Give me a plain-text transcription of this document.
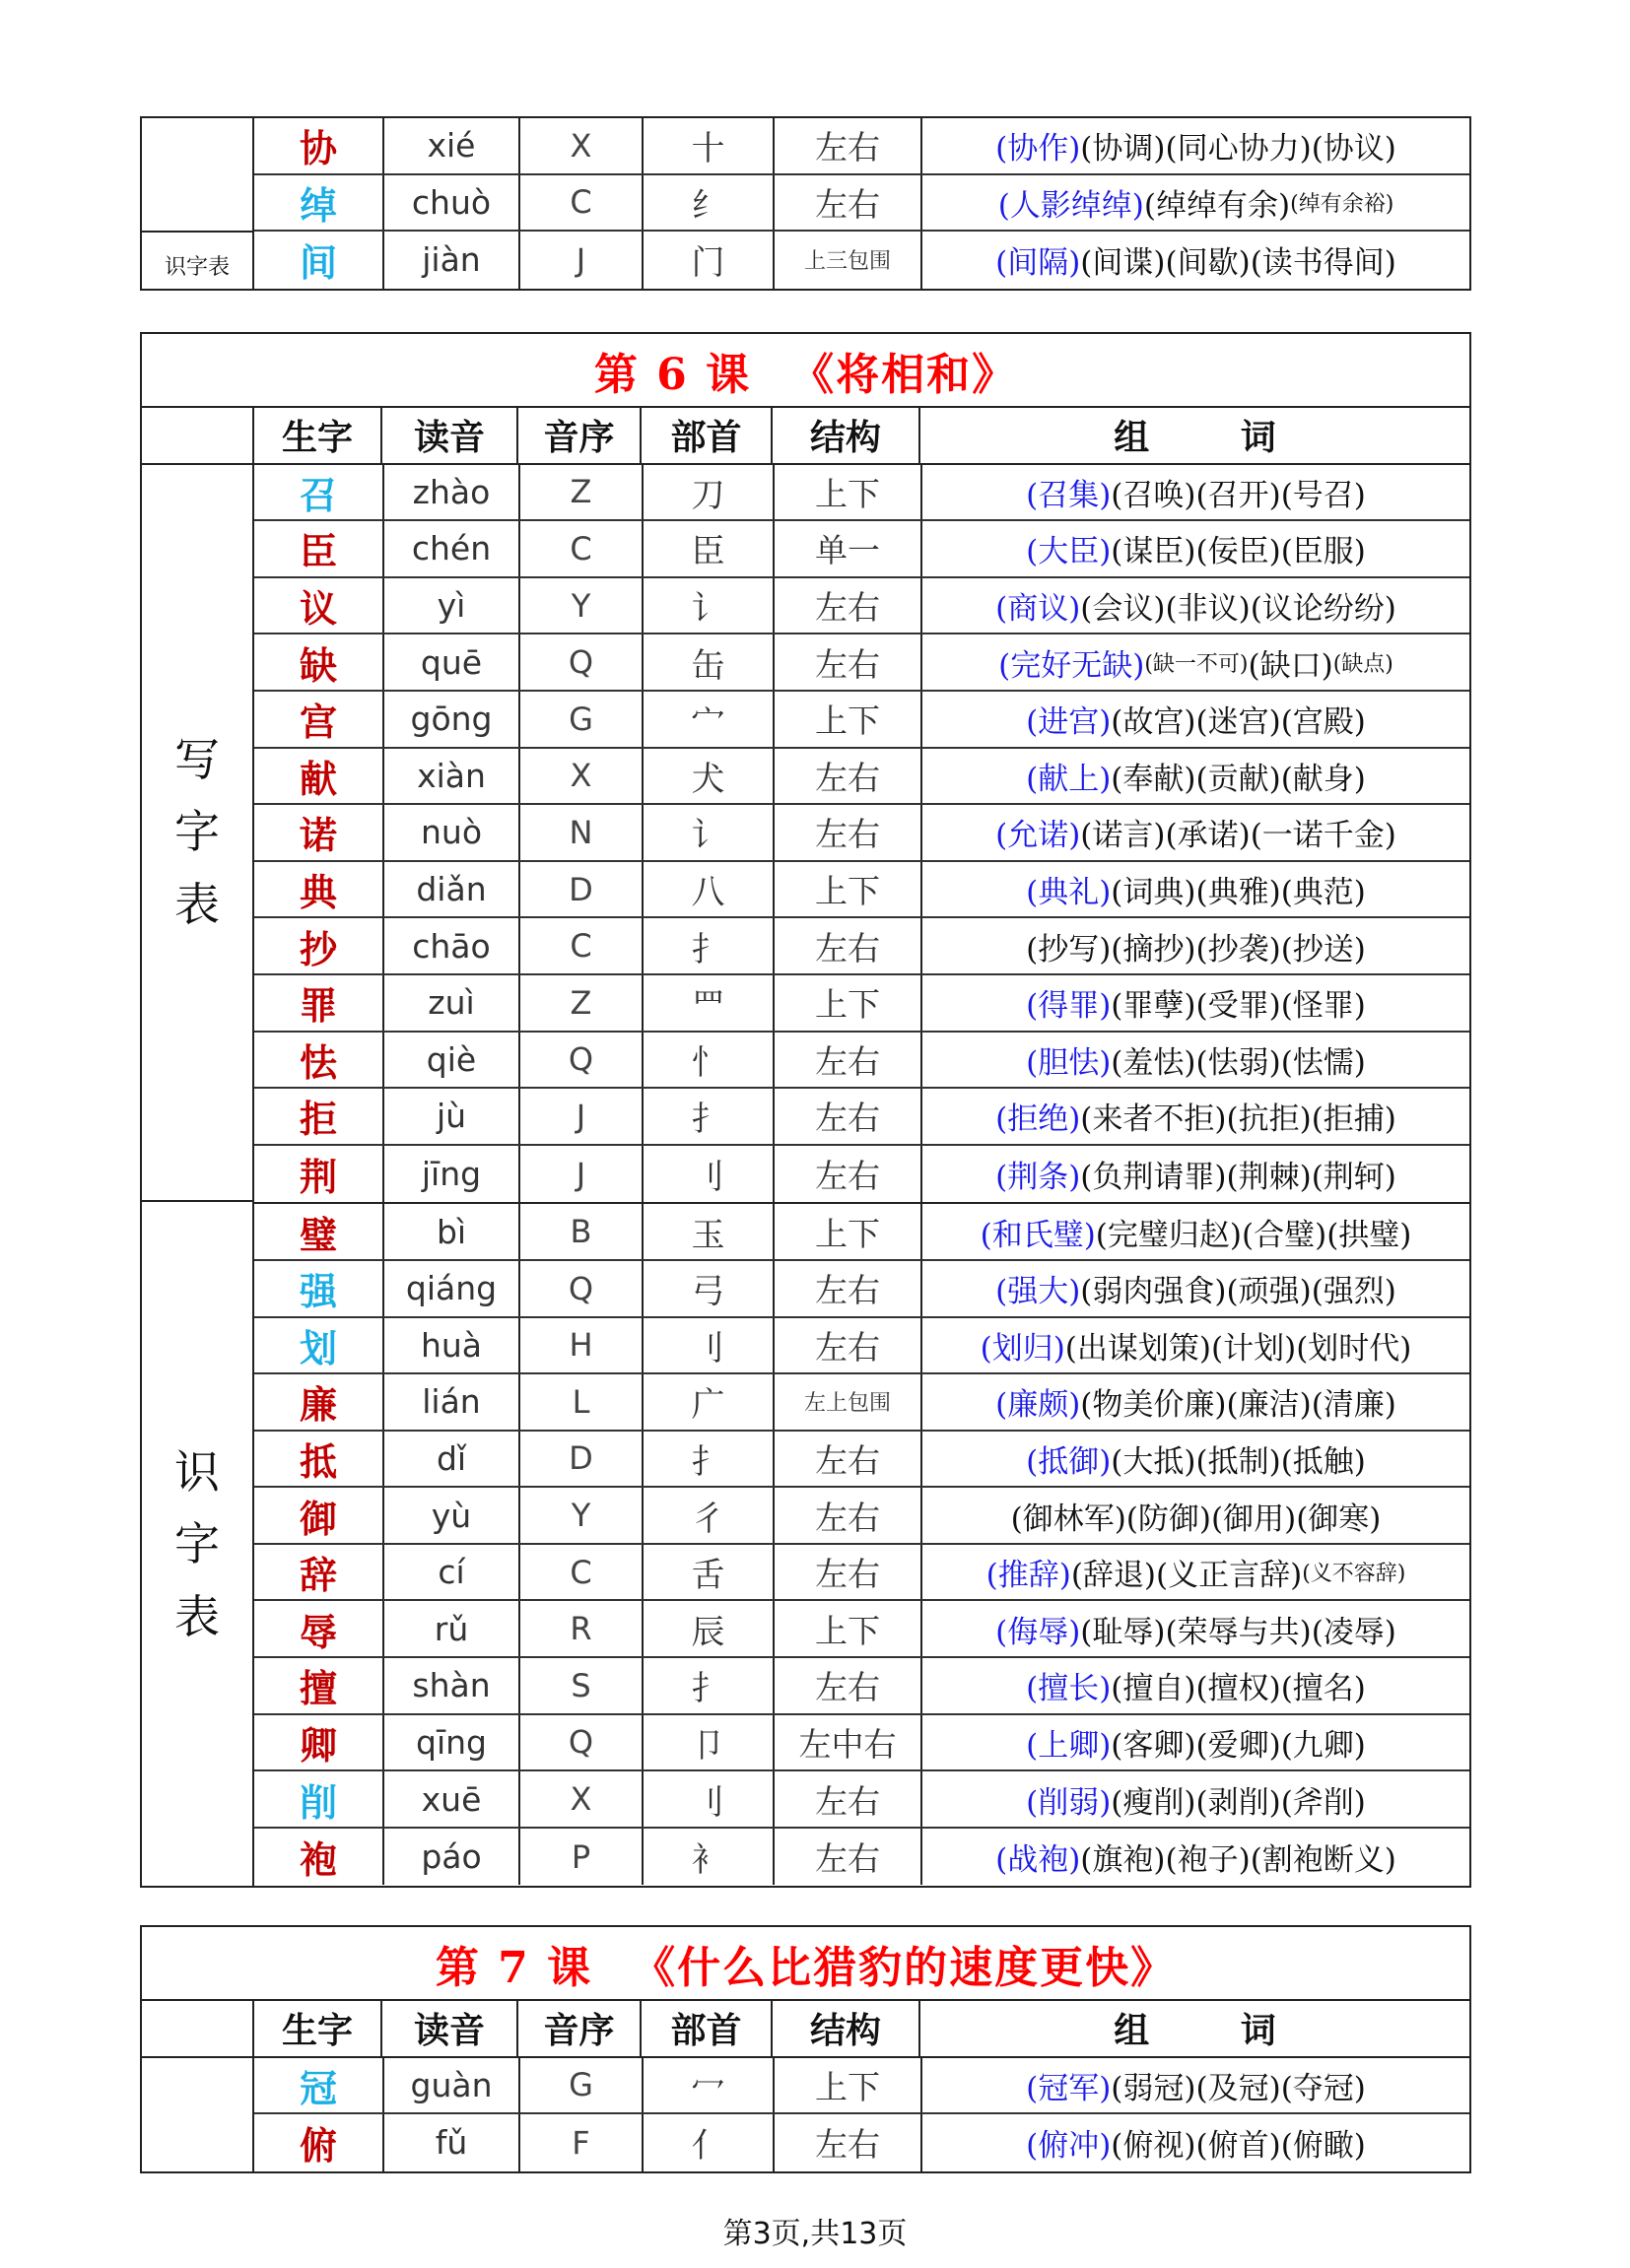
识字表
协	xié	X	十	左右	(协作) (协调) (同心协力) (协议)
绰	chuò	C	纟	左右	(人影绰绰) (绰绰有余) (绰有余裕)
间	jiàn	J	门	上三包围	(间隔) (间谍) (间歇) (读书得间)
第 6 课 《将相和》
生字	读音	音序	部首	结构	组 词
写
字
表
召	zhào	Z	刀	上下	(召集) (召唤) (召开) (号召)
臣	chén	C	臣	单一	(大臣) (谋臣) (佞臣) (臣服)
议	yì	Y	讠	左右	(商议) (会议) (非议) (议论纷纷)
缺	quē	Q	缶	左右	(完好无缺) (缺一不可) (缺口) (缺点)
宫	gōng	G	宀	上下	(进宫) (故宫) (迷宫) (宫殿)
献	xiàn	X	犬	左右	(献上) (奉献) (贡献) (献身)
诺	nuò	N	讠	左右	(允诺) (诺言) (承诺) (一诺千金)
典	diǎn	D	八	上下	(典礼) (词典) (典雅) (典范)
抄	chāo	C	扌	左右	(抄写) (摘抄) (抄袭) (抄送)
罪	zuì	Z	罒	上下	(得罪) (罪孽) (受罪) (怪罪)
怯	qiè	Q	忄	左右	(胆怯) (羞怯) (怯弱) (怯懦)
拒	jù	J	扌	左右	(拒绝) (来者不拒) (抗拒) (拒捕)
荆	jīng	J	刂	左右	(荆条) (负荆请罪) (荆棘) (荆轲)
识
字
表
璧	bì	B	玉	上下	(和氏璧) (完璧归赵) (合璧) (拱璧)
强	qiáng	Q	弓	左右	(强大) (弱肉强食) (顽强) (强烈)
划	huà	H	刂	左右	(划归) (出谋划策) (计划) (划时代)
廉	lián	L	广	左上包围	(廉颇) (物美价廉) (廉洁) (清廉)
抵	dǐ	D	扌	左右	(抵御) (大抵) (抵制) (抵触)
御	yù	Y	彳	左右	(御林军) (防御) (御用) (御寒)
辞	cí	C	舌	左右	(推辞) (辞退) (义正言辞) (义不容辞)
辱	rǔ	R	辰	上下	(侮辱) (耻辱) (荣辱与共) (凌辱)
擅	shàn	S	扌	左右	(擅长) (擅自) (擅权) (擅名)
卿	qīng	Q	卩	左中右	(上卿) (客卿) (爱卿) (九卿)
削	xuē	X	刂	左右	(削弱) (瘦削) (剥削) (斧削)
袍	páo	P	衤	左右	(战袍) (旗袍) (袍子) (割袍断义)
第 7 课 《什么比猎豹的速度更快》
生字	读音	音序	部首	结构	组 词
冠	guàn	G	冖	上下	(冠军) (弱冠) (及冠) (夺冠)
俯	fǔ	F	亻	左右	(俯冲) (俯视) (俯首) (俯瞰)
第3页,共13页
